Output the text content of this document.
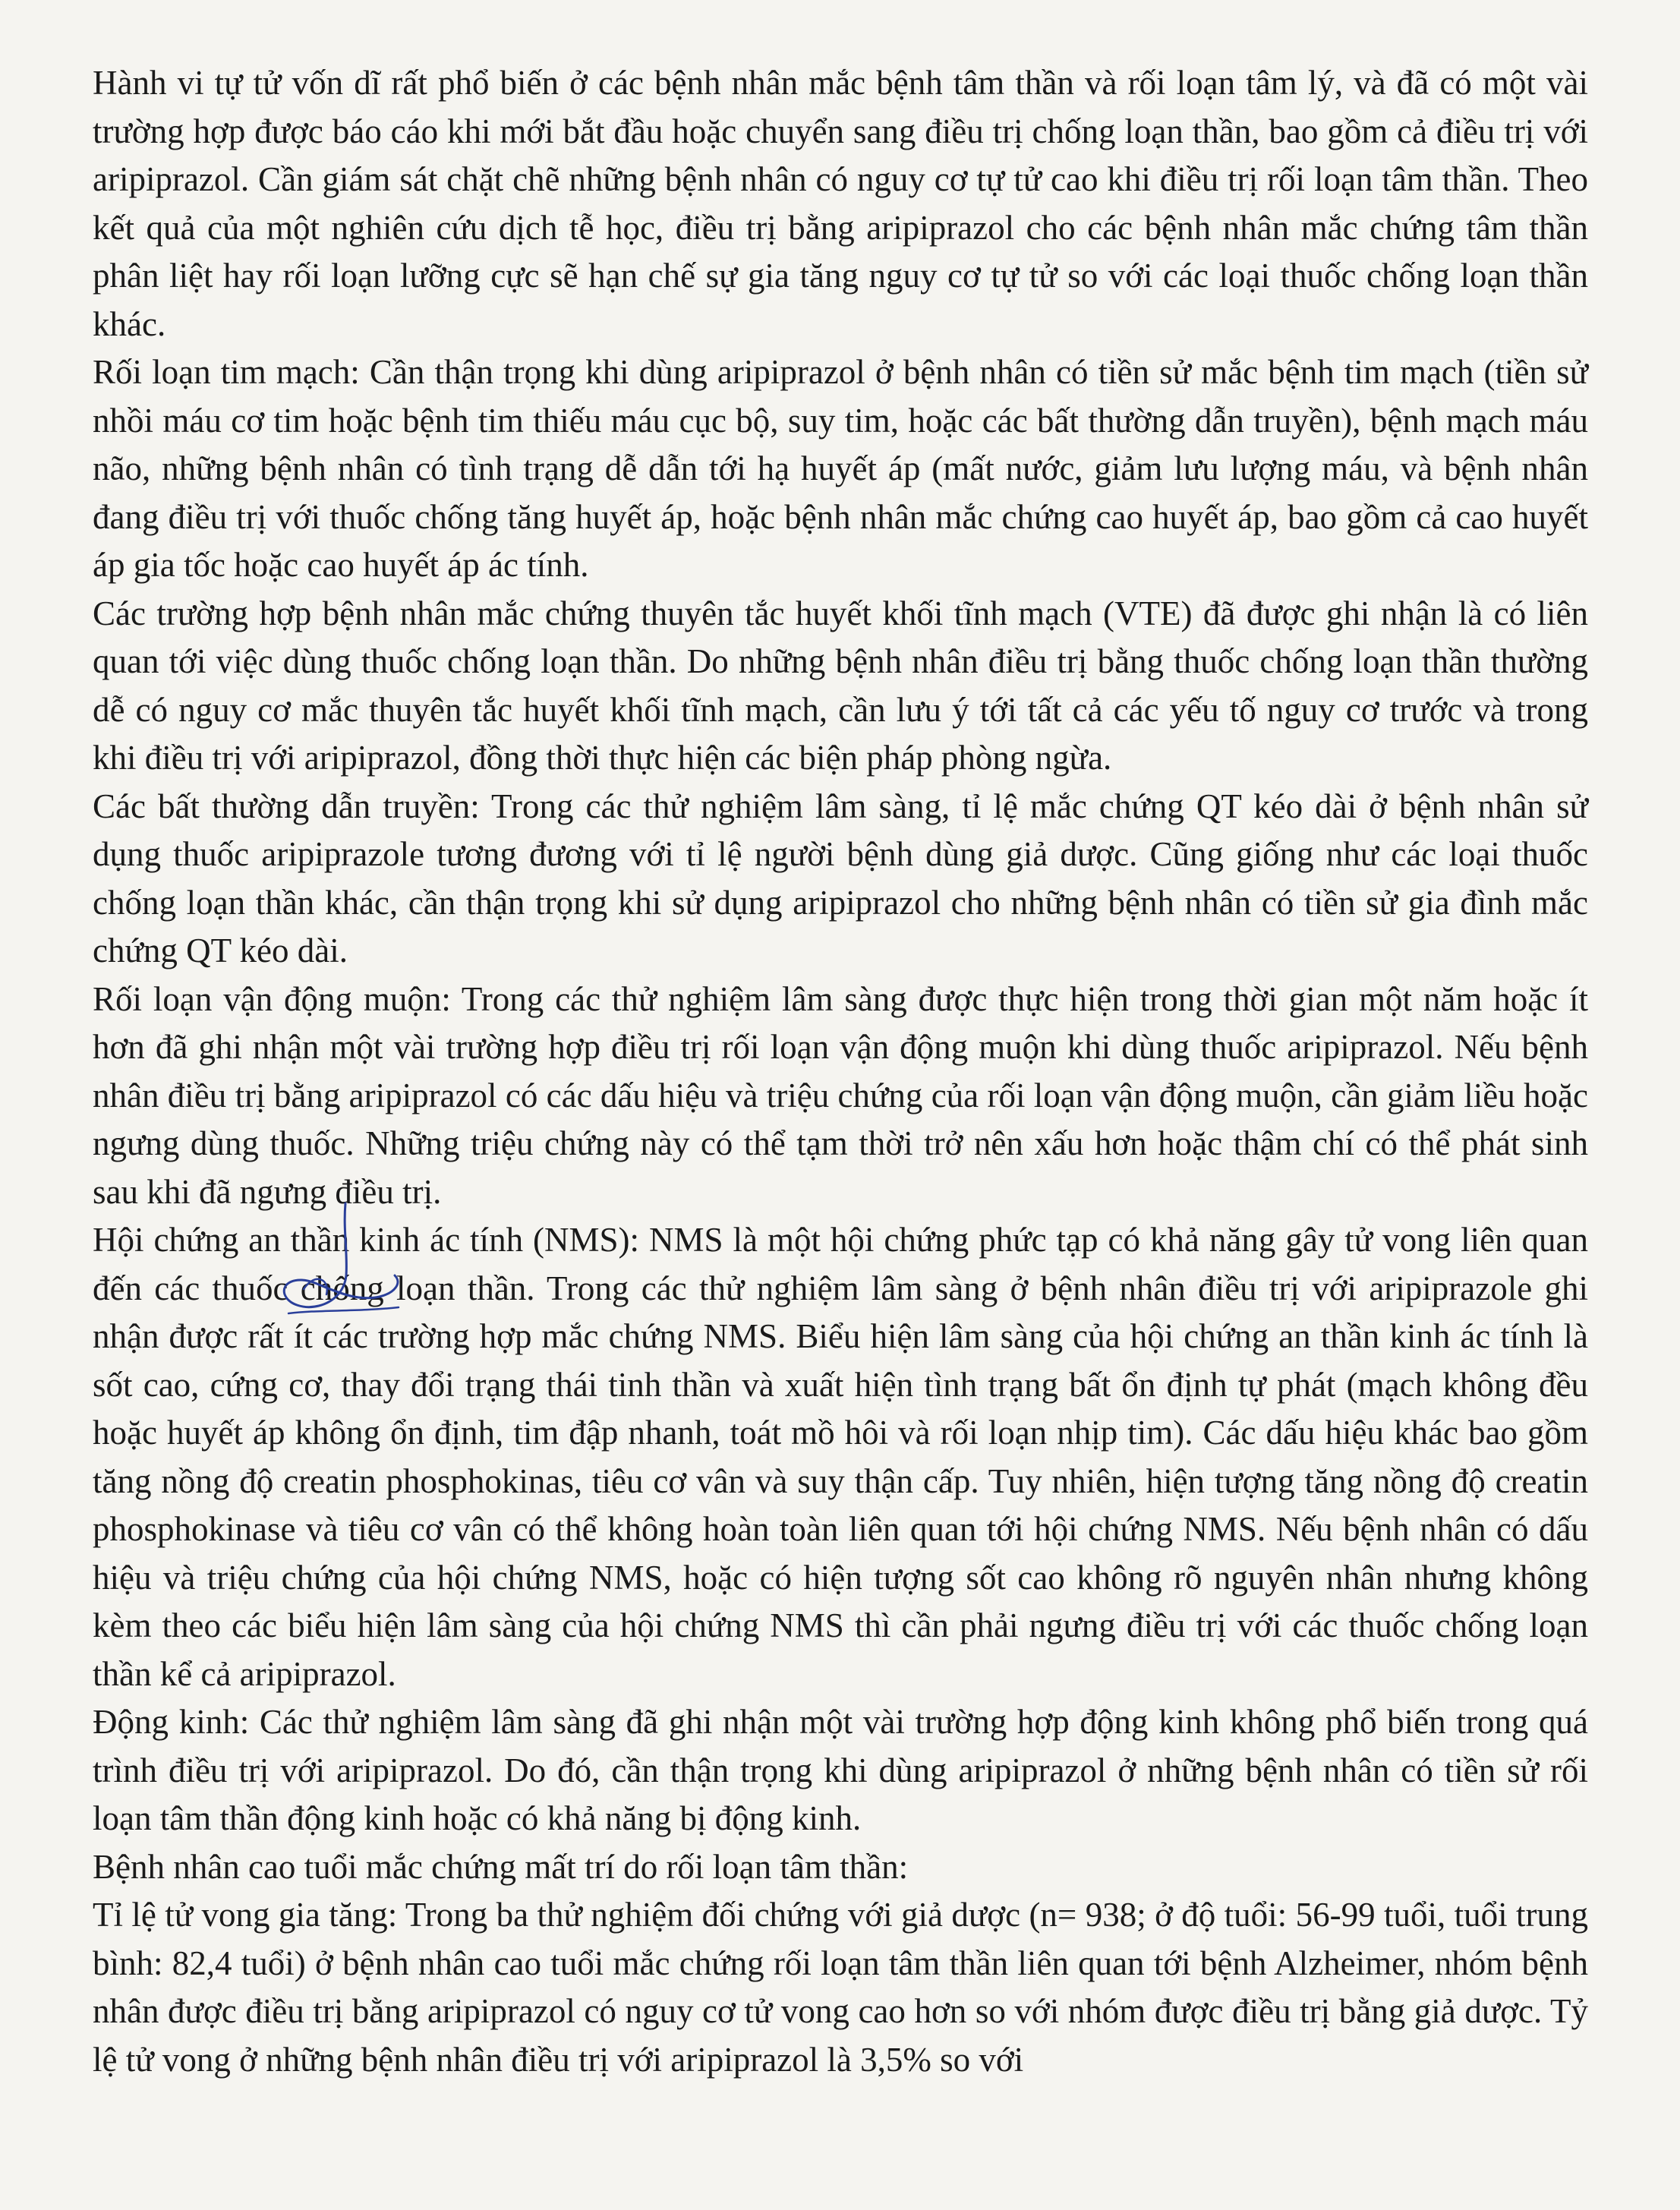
Hành vi tự tử vốn dĩ rất phổ biến ở các bệnh nhân mắc bệnh tâm thần và rối loạn tâm lý, và đã có một vài trường hợp được báo cáo khi mới bắt đầu hoặc chuyển sang điều trị chống loạn thần, bao gồm cả điều trị với aripiprazol. Cần giám sát chặt chẽ những bệnh nhân có nguy cơ tự tử cao khi điều trị rối loạn tâm thần. Theo kết quả của một nghiên cứu dịch tễ học, điều trị bằng aripiprazol cho các bệnh nhân mắc chứng tâm thần phân liệt hay rối loạn lưỡng cực sẽ hạn chế sự gia tăng nguy cơ tự tử so với các loại thuốc chống loạn thần khác.

Rối loạn tim mạch: Cần thận trọng khi dùng aripiprazol ở bệnh nhân có tiền sử mắc bệnh tim mạch (tiền sử nhồi máu cơ tim hoặc bệnh tim thiếu máu cục bộ, suy tim, hoặc các bất thường dẫn truyền), bệnh mạch máu não, những bệnh nhân có tình trạng dễ dẫn tới hạ huyết áp (mất nước, giảm lưu lượng máu, và bệnh nhân đang điều trị với thuốc chống tăng huyết áp, hoặc bệnh nhân mắc chứng cao huyết áp, bao gồm cả cao huyết áp gia tốc hoặc cao huyết áp ác tính.

Các trường hợp bệnh nhân mắc chứng thuyên tắc huyết khối tĩnh mạch (VTE) đã được ghi nhận là có liên quan tới việc dùng thuốc chống loạn thần. Do những bệnh nhân điều trị bằng thuốc chống loạn thần thường dễ có nguy cơ mắc thuyên tắc huyết khối tĩnh mạch, cần lưu ý tới tất cả các yếu tố nguy cơ trước và trong khi điều trị với aripiprazol, đồng thời thực hiện các biện pháp phòng ngừa.

Các bất thường dẫn truyền: Trong các thử nghiệm lâm sàng, tỉ lệ mắc chứng QT kéo dài ở bệnh nhân sử dụng thuốc aripiprazole tương đương với tỉ lệ người bệnh dùng giả dược. Cũng giống như các loại thuốc chống loạn thần khác, cần thận trọng khi sử dụng aripiprazol cho những bệnh nhân có tiền sử gia đình mắc chứng QT kéo dài.

Rối loạn vận động muộn: Trong các thử nghiệm lâm sàng được thực hiện trong thời gian một năm hoặc ít hơn đã ghi nhận một vài trường hợp điều trị rối loạn vận động muộn khi dùng thuốc aripiprazol. Nếu bệnh nhân điều trị bằng aripiprazol có các dấu hiệu và triệu chứng của rối loạn vận động muộn, cần giảm liều hoặc ngưng dùng thuốc. Những triệu chứng này có thể tạm thời trở nên xấu hơn hoặc thậm chí có thể phát sinh sau khi đã ngưng điều trị.

Hội chứng an thần kinh ác tính (NMS): NMS là một hội chứng phức tạp có khả năng gây tử vong liên quan đến các thuốc chống loạn thần. Trong các thử nghiệm lâm sàng ở bệnh nhân điều trị với aripiprazole ghi nhận được rất ít các trường hợp mắc chứng NMS. Biểu hiện lâm sàng của hội chứng an thần kinh ác tính là sốt cao, cứng cơ, thay đổi trạng thái tinh thần và xuất hiện tình trạng bất ổn định tự phát (mạch không đều hoặc huyết áp không ổn định, tim đập nhanh, toát mồ hôi và rối loạn nhịp tim). Các dấu hiệu khác bao gồm tăng nồng độ creatin phosphokinas, tiêu cơ vân và suy thận cấp. Tuy nhiên, hiện tượng tăng nồng độ creatin phosphokinase và tiêu cơ vân có thể không hoàn toàn liên quan tới hội chứng NMS. Nếu bệnh nhân có dấu hiệu và triệu chứng của hội chứng NMS, hoặc có hiện tượng sốt cao không rõ nguyên nhân nhưng không kèm theo các biểu hiện lâm sàng của hội chứng NMS thì cần phải ngưng điều trị với các thuốc chống loạn thần kể cả aripiprazol.

Động kinh: Các thử nghiệm lâm sàng đã ghi nhận một vài trường hợp động kinh không phổ biến trong quá trình điều trị với aripiprazol. Do đó, cần thận trọng khi dùng aripiprazol ở những bệnh nhân có tiền sử rối loạn tâm thần động kinh hoặc có khả năng bị động kinh.

Bệnh nhân cao tuổi mắc chứng mất trí do rối loạn tâm thần:

Tỉ lệ tử vong gia tăng: Trong ba thử nghiệm đối chứng với giả dược (n= 938; ở độ tuổi: 56-99 tuổi, tuổi trung bình: 82,4 tuổi) ở bệnh nhân cao tuổi mắc chứng rối loạn tâm thần liên quan tới bệnh Alzheimer, nhóm bệnh nhân được điều trị bằng aripiprazol có nguy cơ tử vong cao hơn so với nhóm được điều trị bằng giả dược. Tỷ lệ tử vong ở những bệnh nhân điều trị với aripiprazol là 3,5% so với
